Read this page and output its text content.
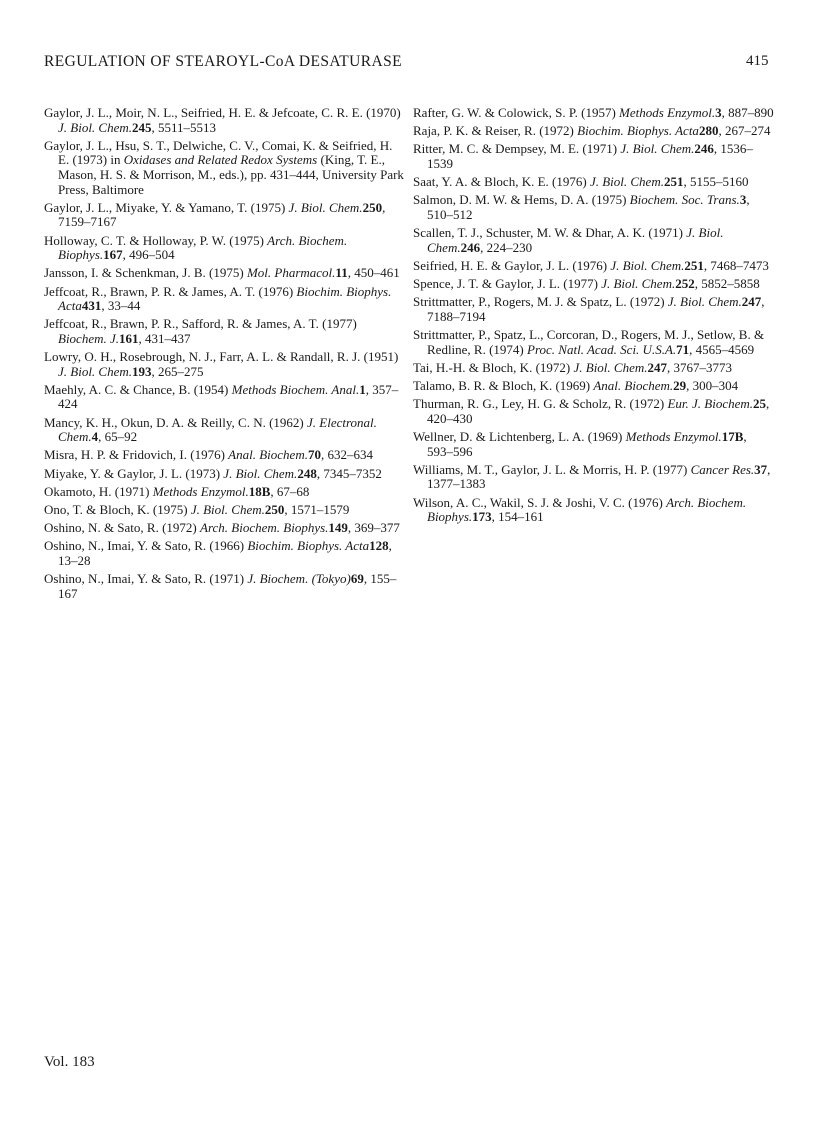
REGULATION OF STEAROYL-CoA DESATURASE	415
Gaylor, J. L., Moir, N. L., Seifried, H. E. & Jefcoate, C. R. E. (1970) J. Biol. Chem.245, 5511–5513
Gaylor, J. L., Hsu, S. T., Delwiche, C. V., Comai, K. & Seifried, H. E. (1973) in Oxidases and Related Redox Systems (King, T. E., Mason, H. S. & Morrison, M., eds.), pp. 431–444, University Park Press, Baltimore
Gaylor, J. L., Miyake, Y. & Yamano, T. (1975) J. Biol. Chem.250, 7159–7167
Holloway, C. T. & Holloway, P. W. (1975) Arch. Biochem. Biophys.167, 496–504
Jansson, I. & Schenkman, J. B. (1975) Mol. Pharmacol.11, 450–461
Jeffcoat, R., Brawn, P. R. & James, A. T. (1976) Biochim. Biophys. Acta431, 33–44
Jeffcoat, R., Brawn, P. R., Safford, R. & James, A. T. (1977) Biochem. J.161, 431–437
Lowry, O. H., Rosebrough, N. J., Farr, A. L. & Randall, R. J. (1951) J. Biol. Chem.193, 265–275
Maehly, A. C. & Chance, B. (1954) Methods Biochem. Anal.1, 357–424
Mancy, K. H., Okun, D. A. & Reilly, C. N. (1962) J. Electronal. Chem.4, 65–92
Misra, H. P. & Fridovich, I. (1976) Anal. Biochem.70, 632–634
Miyake, Y. & Gaylor, J. L. (1973) J. Biol. Chem.248, 7345–7352
Okamoto, H. (1971) Methods Enzymol.18B, 67–68
Ono, T. & Bloch, K. (1975) J. Biol. Chem.250, 1571–1579
Oshino, N. & Sato, R. (1972) Arch. Biochem. Biophys.149, 369–377
Oshino, N., Imai, Y. & Sato, R. (1966) Biochim. Biophys. Acta128, 13–28
Oshino, N., Imai, Y. & Sato, R. (1971) J. Biochem. (Tokyo)69, 155–167
Rafter, G. W. & Colowick, S. P. (1957) Methods Enzymol.3, 887–890
Raja, P. K. & Reiser, R. (1972) Biochim. Biophys. Acta280, 267–274
Ritter, M. C. & Dempsey, M. E. (1971) J. Biol. Chem.246, 1536–1539
Saat, Y. A. & Bloch, K. E. (1976) J. Biol. Chem.251, 5155–5160
Salmon, D. M. W. & Hems, D. A. (1975) Biochem. Soc. Trans.3, 510–512
Scallen, T. J., Schuster, M. W. & Dhar, A. K. (1971) J. Biol. Chem.246, 224–230
Seifried, H. E. & Gaylor, J. L. (1976) J. Biol. Chem.251, 7468–7473
Spence, J. T. & Gaylor, J. L. (1977) J. Biol. Chem.252, 5852–5858
Strittmatter, P., Rogers, M. J. & Spatz, L. (1972) J. Biol. Chem.247, 7188–7194
Strittmatter, P., Spatz, L., Corcoran, D., Rogers, M. J., Setlow, B. & Redline, R. (1974) Proc. Natl. Acad. Sci. U.S.A.71, 4565–4569
Tai, H.-H. & Bloch, K. (1972) J. Biol. Chem.247, 3767–3773
Talamo, B. R. & Bloch, K. (1969) Anal. Biochem.29, 300–304
Thurman, R. G., Ley, H. G. & Scholz, R. (1972) Eur. J. Biochem.25, 420–430
Wellner, D. & Lichtenberg, L. A. (1969) Methods Enzymol.17B, 593–596
Williams, M. T., Gaylor, J. L. & Morris, H. P. (1977) Cancer Res.37, 1377–1383
Wilson, A. C., Wakil, S. J. & Joshi, V. C. (1976) Arch. Biochem. Biophys.173, 154–161
Vol. 183
